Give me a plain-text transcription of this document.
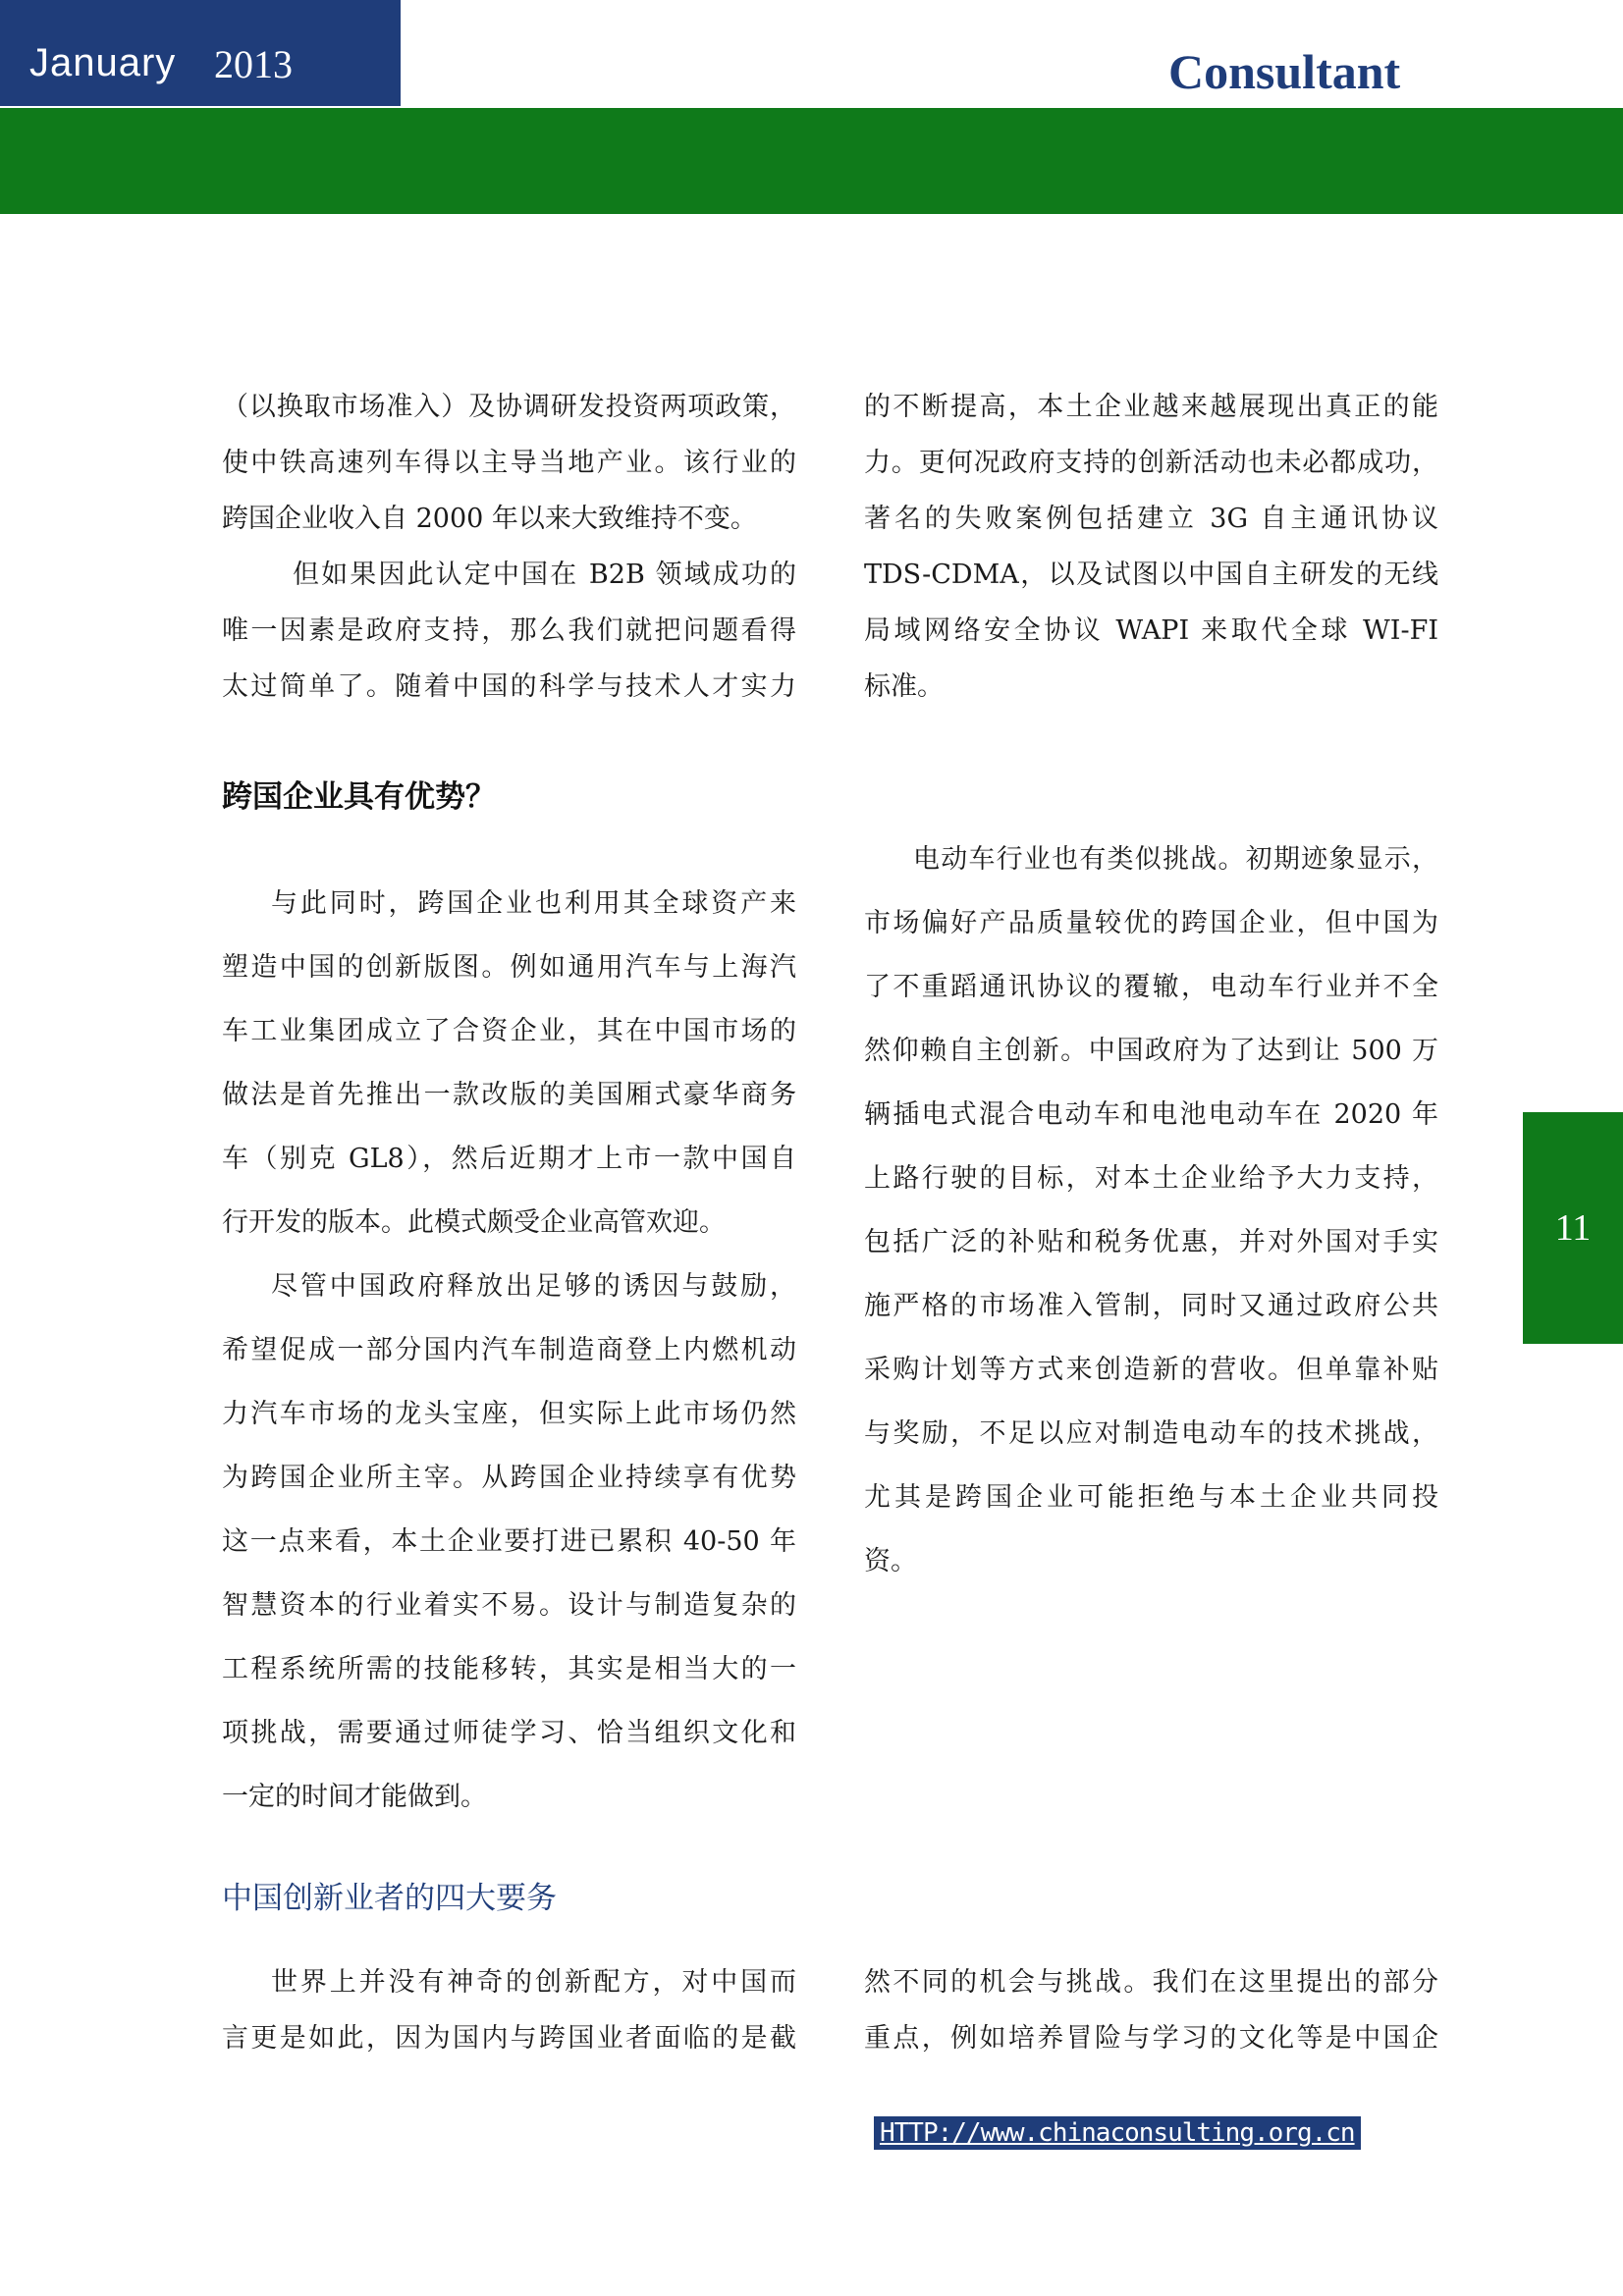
January 2013	Consultant

（以换取市场准入）及协调研发投资两项政策，

使中铁高速列车得以主导当地产业。该行业的

跨国企业收入自 2000 年以来大致维持不变。

但如果因此认定中国在 B2B 领域成功的

唯一因素是政府支持，那么我们就把问题看得

太过简单了。随着中国的科学与技术人才实力

的不断提高，本土企业越来越展现出真正的能

力。更何况政府支持的创新活动也未必都成功，

著名的失败案例包括建立 3G 自主通讯协议

TDS-CDMA，以及试图以中国自主研发的无线

局域网络安全协议 WAPI 来取代全球 WI-FI

标准。

跨国企业具有优势？

与此同时，跨国企业也利用其全球资产来

塑造中国的创新版图。例如通用汽车与上海汽

车工业集团成立了合资企业，其在中国市场的

做法是首先推出一款改版的美国厢式豪华商务

车（别克 GL8），然后近期才上市一款中国自

行开发的版本。此模式颇受企业高管欢迎。

尽管中国政府释放出足够的诱因与鼓励，

希望促成一部分国内汽车制造商登上内燃机动

力汽车市场的龙头宝座，但实际上此市场仍然

为跨国企业所主宰。从跨国企业持续享有优势

这一点来看，本土企业要打进已累积 40-50 年

智慧资本的行业着实不易。设计与制造复杂的

工程系统所需的技能移转，其实是相当大的一

项挑战，需要通过师徒学习、恰当组织文化和

一定的时间才能做到。

电动车行业也有类似挑战。初期迹象显示，

市场偏好产品质量较优的跨国企业，但中国为

了不重蹈通讯协议的覆辙，电动车行业并不全

然仰赖自主创新。中国政府为了达到让 500 万

辆插电式混合电动车和电池电动车在 2020 年

上路行驶的目标，对本土企业给予大力支持，

包括广泛的补贴和税务优惠，并对外国对手实

施严格的市场准入管制，同时又通过政府公共

采购计划等方式来创造新的营收。但单靠补贴

与奖励，不足以应对制造电动车的技术挑战，

尤其是跨国企业可能拒绝与本土企业共同投

资。

11
中国创新业者的四大要务

世界上并没有神奇的创新配方，对中国而

言更是如此，因为国内与跨国业者面临的是截

然不同的机会与挑战。我们在这里提出的部分

重点，例如培养冒险与学习的文化等是中国企

HTTP://www.chinaconsulting.org.cn
